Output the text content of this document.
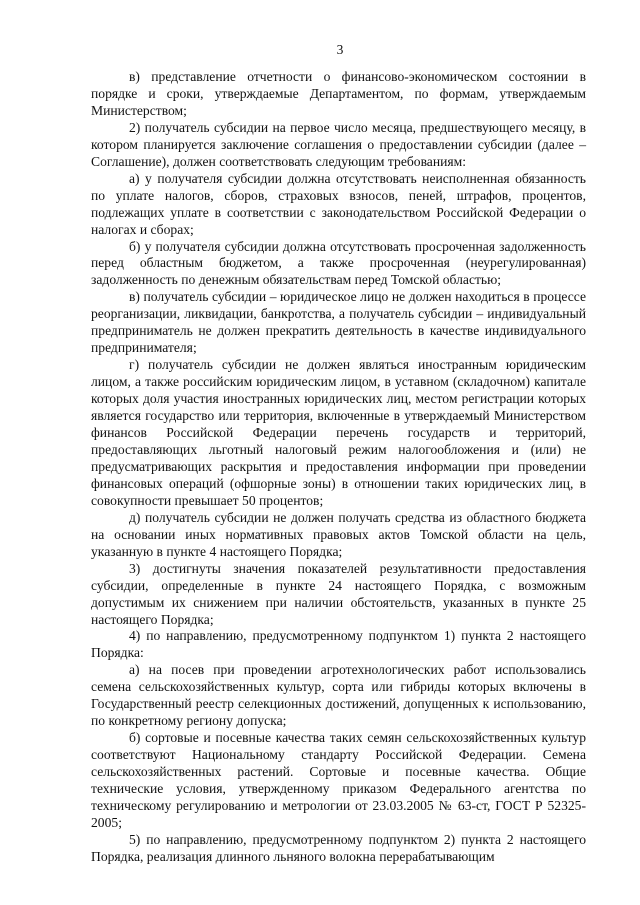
3

в) представление отчетности о финансово-экономическом состоянии в порядке и сроки, утверждаемые Департаментом, по формам, утверждаемым Министерством;

2) получатель субсидии на первое число месяца, предшествующего месяцу, в котором планируется заключение соглашения о предоставлении субсидии (далее – Соглашение), должен соответствовать следующим требованиям:

а) у получателя субсидии должна отсутствовать неисполненная обязанность по уплате налогов, сборов, страховых взносов, пеней, штрафов, процентов, подлежащих уплате в соответствии с законодательством Российской Федерации о налогах и сборах;

б) у получателя субсидии должна отсутствовать просроченная задолженность перед областным бюджетом, а также просроченная (неурегулированная) задолженность по денежным обязательствам перед Томской областью;

в) получатель субсидии – юридическое лицо не должен находиться в процессе реорганизации, ликвидации, банкротства, а получатель субсидии – индивидуальный предприниматель не должен прекратить деятельность в качестве индивидуального предпринимателя;

г) получатель субсидии не должен являться иностранным юридическим лицом, а также российским юридическим лицом, в уставном (складочном) капитале которых доля участия иностранных юридических лиц, местом регистрации которых является государство или территория, включенные в утверждаемый Министерством финансов Российской Федерации перечень государств и территорий, предоставляющих льготный налоговый режим налогообложения и (или) не предусматривающих раскрытия и предоставления информации при проведении финансовых операций (офшорные зоны) в отношении таких юридических лиц, в совокупности превышает 50 процентов;

д) получатель субсидии не должен получать средства из областного бюджета на основании иных нормативных правовых актов Томской области на цель, указанную в пункте 4 настоящего Порядка;

3) достигнуты значения показателей результативности предоставления субсидии, определенные в пункте 24 настоящего Порядка, с возможным допустимым их снижением при наличии обстоятельств, указанных в пункте 25 настоящего Порядка;

4) по направлению, предусмотренному подпунктом 1) пункта 2 настоящего Порядка:

а) на посев при проведении агротехнологических работ использовались семена сельскохозяйственных культур, сорта или гибриды которых включены в Государственный реестр селекционных достижений, допущенных к использованию, по конкретному региону допуска;

б) сортовые и посевные качества таких семян сельскохозяйственных культур соответствуют Национальному стандарту Российской Федерации. Семена сельскохозяйственных растений. Сортовые и посевные качества. Общие технические условия, утвержденному приказом Федерального агентства по техническому регулированию и метрологии от 23.03.2005 № 63-ст, ГОСТ Р 52325-2005;

5) по направлению, предусмотренному подпунктом 2) пункта 2 настоящего Порядка, реализация длинного льняного волокна перерабатывающим
